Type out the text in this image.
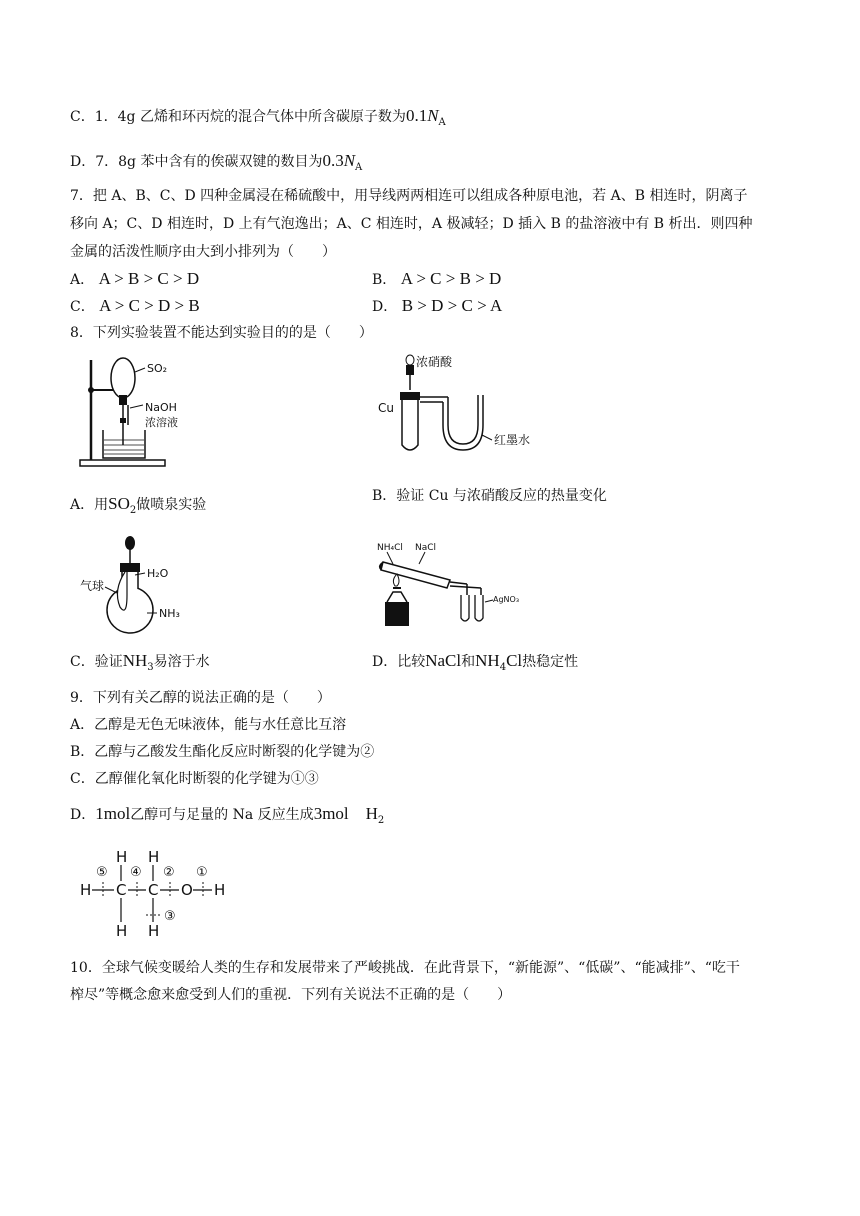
C．1．4g 乙烯和环丙烷的混合气体中所含碳原子数为$0.1N_A$
D．7．8g 苯中含有的俟碳双键的数目为$0.3N_A$
7．把 A、B、C、D 四种金属浸在稀硫酸中，用导线两两相连可以组成各种原电池，若 A、B 相连时，阴离子
移向 A；C、D 相连时，D 上有气泡逸出；A、C 相连时，A 极减轻；D 插入 B 的盐溶液中有 B 析出．则四种
金属的活泼性顺序由大到小排列为（　　）
A． A > B > C > D	B． A > C > B > D
C． A > C > D > B	D． B > D > C > A
8．下列实验装置不能达到实验目的的是（　　）
SO₂
NaOH
浓溶液
浓硝酸
Cu
红墨水
A．用$SO_2$做喷泉实验
B．验证 Cu 与浓硝酸反应的热量变化
气球
H₂O
NH₃
NH₄Cl NaCl
AgNO₃
C．验证$NH_3$易溶于水	D．比较NaCl和$NH_4Cl$热稳定性
9．下列有关乙醇的说法正确的是（　　）
A．乙醇是无色无味液体，能与水任意比互溶
B．乙醇与乙酸发生酯化反应时断裂的化学键为②
C．乙醇催化氧化时断裂的化学键为①③
D．1mol乙醇可与足量的 Na 反应生成3mol　$H_2$
H H
H C C O H
H H
⑤ ④ ② ①
③
10．全球气候变暖给人类的生存和发展带来了严峻挑战．在此背景下，“新能源”、“低碳”、“能减排”、“吃干
榨尽”等概念愈来愈受到人们的重视．下列有关说法不正确的是（　　）
